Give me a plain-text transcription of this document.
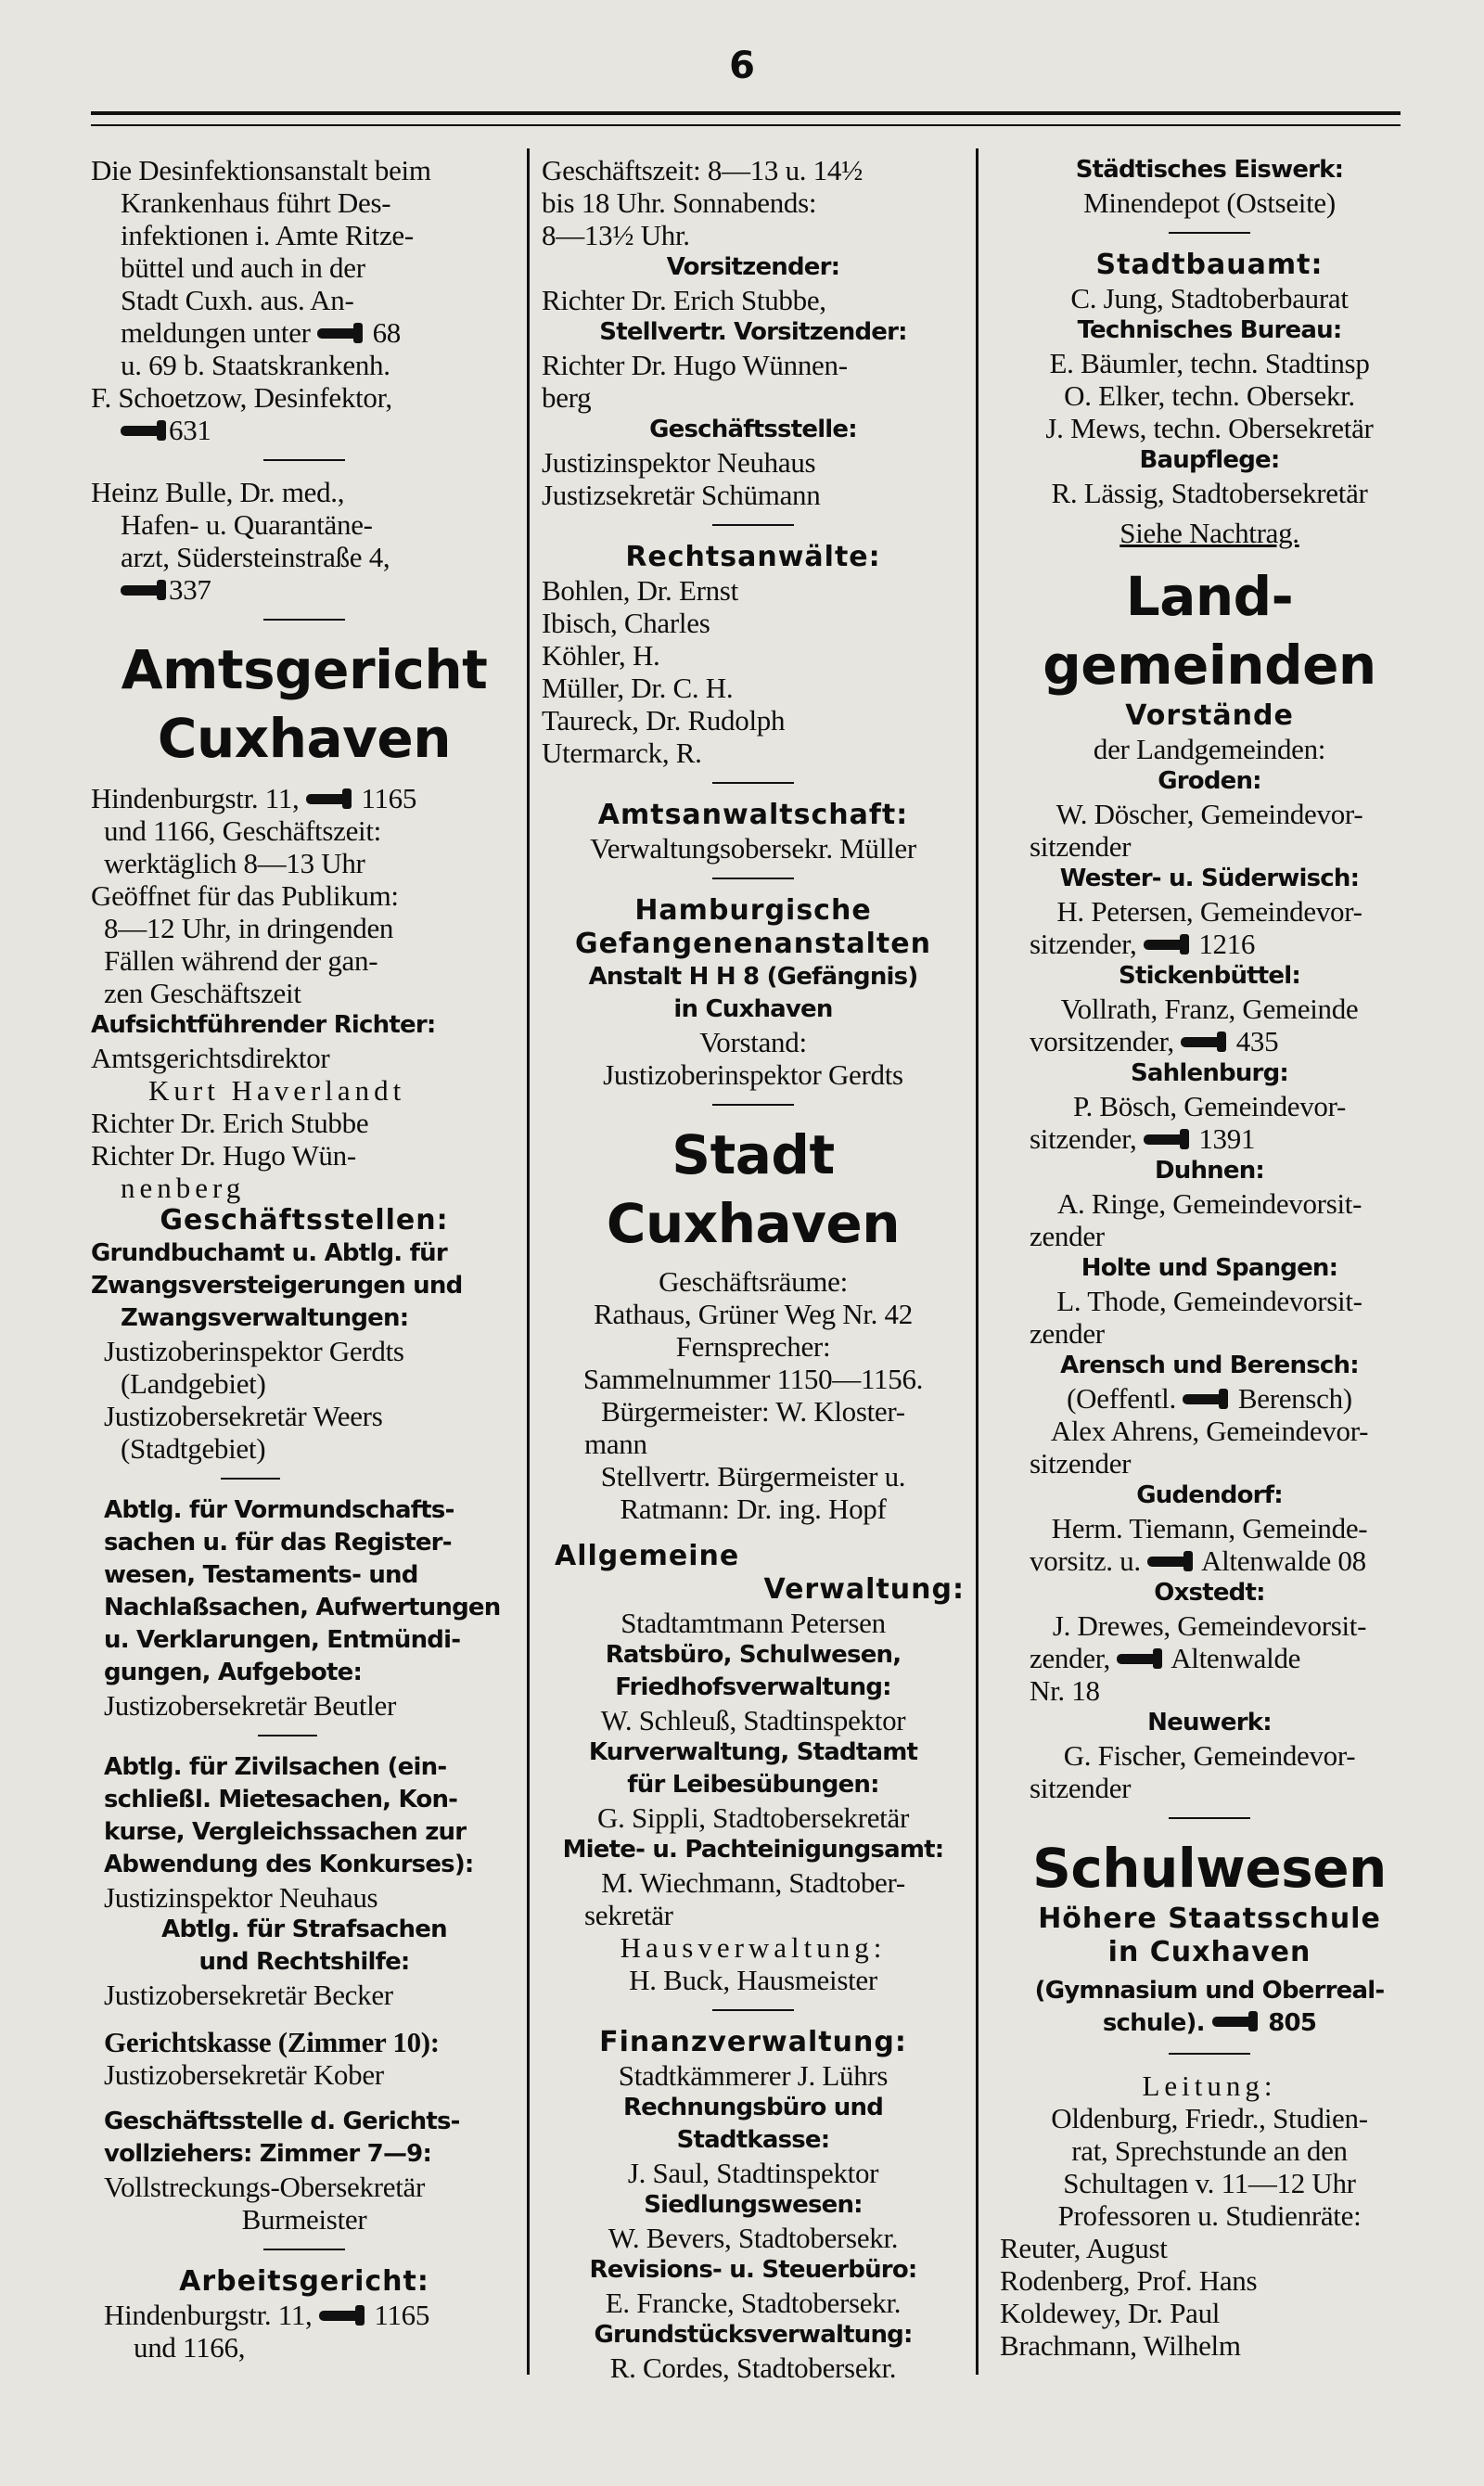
6
Die Desinfektionsanstalt beim
Krankenhaus führt Des-
infektionen i. Amte Ritze-
büttel und auch in der
Stadt Cuxh. aus. An-
meldungen unter 68
u. 69 b. Staatskrankenh.
F. Schoetzow, Desinfektor,
631
Heinz Bulle, Dr. med.,
Hafen- u. Quarantäne-
arzt, Südersteinstraße 4,
337
Amtsgericht
Cuxhaven
Hindenburgstr. 11, 1165
und 1166, Geschäftszeit:
werktäglich 8—13 Uhr
Geöffnet für das Publikum:
8—12 Uhr, in dringenden
Fällen während der gan-
zen Geschäftszeit
Aufsichtführender Richter:
Amtsgerichtsdirektor
Kurt Haverlandt
Richter Dr. Erich Stubbe
Richter Dr. Hugo Wün-
nenberg
Geschäftsstellen:
Grundbuchamt u. Abtlg. für
Zwangsversteigerungen und
Zwangsverwaltungen:
Justizoberinspektor Gerdts
(Landgebiet)
Justizobersekretär Weers
(Stadtgebiet)
Abtlg. für Vormundschafts-
sachen u. für das Register-
wesen, Testaments- und
Nachlaßsachen, Aufwertungen
u. Verklarungen, Entmündi-
gungen, Aufgebote:
Justizobersekretär Beutler
Abtlg. für Zivilsachen (ein-
schließl. Mietesachen, Kon-
kurse, Vergleichssachen zur
Abwendung des Konkurses):
Justizinspektor Neuhaus
Abtlg. für Strafsachen
und Rechtshilfe:
Justizobersekretär Becker
Gerichtskasse (Zimmer 10):
Justizobersekretär Kober
Geschäftsstelle d. Gerichts-
vollziehers: Zimmer 7—9:
Vollstreckungs-Obersekretär
Burmeister
Arbeitsgericht:
Hindenburgstr. 11, 1165
und 1166,
Geschäftszeit: 8—13 u. 14½
bis 18 Uhr. Sonnabends:
8—13½ Uhr.
Vorsitzender:
Richter Dr. Erich Stubbe,
Stellvertr. Vorsitzender:
Richter Dr. Hugo Wünnen-
berg
Geschäftsstelle:
Justizinspektor Neuhaus
Justizsekretär Schümann
Rechtsanwälte:
Bohlen, Dr. Ernst
Ibisch, Charles
Köhler, H.
Müller, Dr. C. H.
Taureck, Dr. Rudolph
Utermarck, R.
Amtsanwaltschaft:
Verwaltungsobersekr. Müller
Hamburgische
Gefangenenanstalten
Anstalt H H 8 (Gefängnis)
in Cuxhaven
Vorstand:
Justizoberinspektor Gerdts
Stadt
Cuxhaven
Geschäftsräume:
Rathaus, Grüner Weg Nr. 42
Fernsprecher:
Sammelnummer 1150—1156.
Bürgermeister: W. Kloster-
mann
Stellvertr. Bürgermeister u.
Ratmann: Dr. ing. Hopf
Allgemeine
Verwaltung:
Stadtamtmann Petersen
Ratsbüro, Schulwesen,
Friedhofsverwaltung:
W. Schleuß, Stadtinspektor
Kurverwaltung, Stadtamt
für Leibesübungen:
G. Sippli, Stadtobersekretär
Miete- u. Pachteinigungsamt:
M. Wiechmann, Stadtober-
sekretär
Hausverwaltung:
H. Buck, Hausmeister
Finanzverwaltung:
Stadtkämmerer J. Lührs
Rechnungsbüro und
Stadtkasse:
J. Saul, Stadtinspektor
Siedlungswesen:
W. Bevers, Stadtobersekr.
Revisions- u. Steuerbüro:
E. Francke, Stadtobersekr.
Grundstücksverwaltung:
R. Cordes, Stadtobersekr.
Städtisches Eiswerk:
Minendepot (Ostseite)
Stadtbauamt:
C. Jung, Stadtoberbaurat
Technisches Bureau:
E. Bäumler, techn. Stadtinsp
O. Elker, techn. Obersekr.
J. Mews, techn. Obersekretär
Baupflege:
R. Lässig, Stadtobersekretär
Siehe Nachtrag.
Land-
gemeinden
Vorstände
der Landgemeinden:
Groden:
W. Döscher, Gemeindevor-
sitzender
Wester- u. Süderwisch:
H. Petersen, Gemeindevor-
sitzender, 1216
Stickenbüttel:
Vollrath, Franz, Gemeinde
vorsitzender, 435
Sahlenburg:
P. Bösch, Gemeindevor-
sitzender, 1391
Duhnen:
A. Ringe, Gemeindevorsit-
zender
Holte und Spangen:
L. Thode, Gemeindevorsit-
zender
Arensch und Berensch:
(Oeffentl. Berensch)
Alex Ahrens, Gemeindevor-
sitzender
Gudendorf:
Herm. Tiemann, Gemeinde-
vorsitz. u. Altenwalde 08
Oxstedt:
J. Drewes, Gemeindevorsit-
zender, Altenwalde
Nr. 18
Neuwerk:
G. Fischer, Gemeindevor-
sitzender
Schulwesen
Höhere Staatsschule
in Cuxhaven
(Gymnasium und Oberreal-
schule).	805
Leitung:
Oldenburg, Friedr., Studien-
rat, Sprechstunde an den
Schultagen v. 11—12 Uhr
Professoren u. Studienräte:
Reuter, August
Rodenberg, Prof. Hans
Koldewey, Dr. Paul
Brachmann, Wilhelm
